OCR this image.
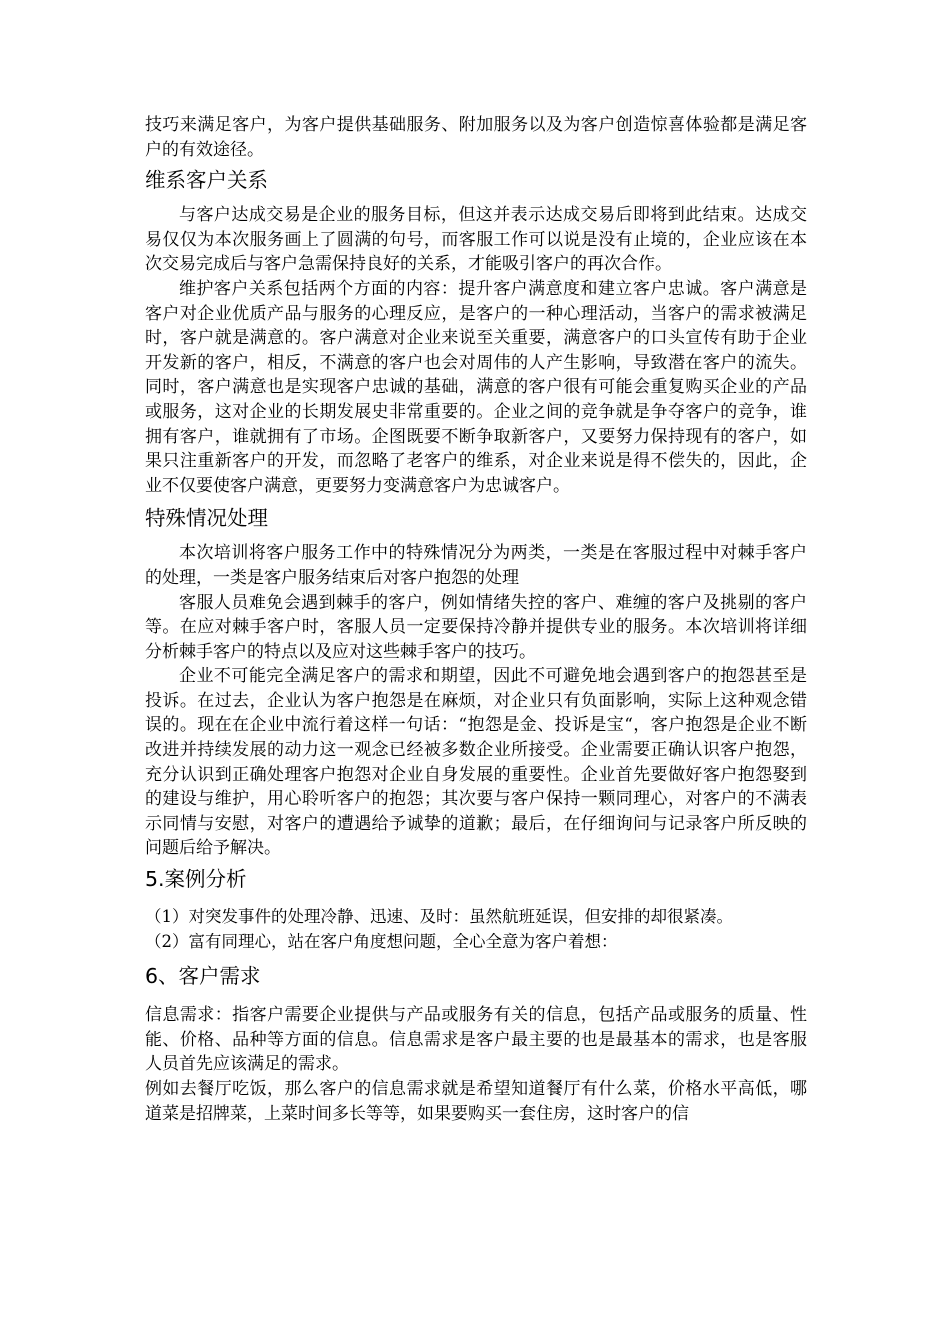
技巧来满足客户，为客户提供基础服务、附加服务以及为客户创造惊喜体验都是满足客户的有效途径。

维系客户关系

与客户达成交易是企业的服务目标，但这并表示达成交易后即将到此结束。达成交易仅仅为本次服务画上了圆满的句号，而客服工作可以说是没有止境的，企业应该在本次交易完成后与客户急需保持良好的关系，才能吸引客户的再次合作。

维护客户关系包括两个方面的内容：提升客户满意度和建立客户忠诚。客户满意是客户对企业优质产品与服务的心理反应，是客户的一种心理活动，当客户的需求被满足时，客户就是满意的。客户满意对企业来说至关重要，满意客户的口头宣传有助于企业开发新的客户，相反，不满意的客户也会对周伟的人产生影响，导致潜在客户的流失。同时，客户满意也是实现客户忠诚的基础，满意的客户很有可能会重复购买企业的产品或服务，这对企业的长期发展史非常重要的。企业之间的竞争就是争夺客户的竞争，谁拥有客户，谁就拥有了市场。企图既要不断争取新客户，又要努力保持现有的客户，如果只注重新客户的开发，而忽略了老客户的维系，对企业来说是得不偿失的，因此，企业不仅要使客户满意，更要努力变满意客户为忠诚客户。

特殊情况处理

本次培训将客户服务工作中的特殊情况分为两类，一类是在客服过程中对棘手客户的处理，一类是客户服务结束后对客户抱怨的处理

客服人员难免会遇到棘手的客户，例如情绪失控的客户、难缠的客户及挑剔的客户等。在应对棘手客户时，客服人员一定要保持冷静并提供专业的服务。本次培训将详细分析棘手客户的特点以及应对这些棘手客户的技巧。

企业不可能完全满足客户的需求和期望，因此不可避免地会遇到客户的抱怨甚至是投诉。在过去，企业认为客户抱怨是在麻烦，对企业只有负面影响，实际上这种观念错误的。现在在企业中流行着这样一句话：“抱怨是金、投诉是宝“，客户抱怨是企业不断改进并持续发展的动力这一观念已经被多数企业所接受。企业需要正确认识客户抱怨，充分认识到正确处理客户抱怨对企业自身发展的重要性。企业首先要做好客户抱怨娶到的建设与维护，用心聆听客户的抱怨；其次要与客户保持一颗同理心，对客户的不满表示同情与安慰，对客户的遭遇给予诚挚的道歉；最后，在仔细询问与记录客户所反映的问题后给予解决。

5.案例分析

（1）对突发事件的处理冷静、迅速、及时：虽然航班延误，但安排的却很紧凑。

（2）富有同理心，站在客户角度想问题，全心全意为客户着想：

6、客户需求

信息需求：指客户需要企业提供与产品或服务有关的信息，包括产品或服务的质量、性能、价格、品种等方面的信息。信息需求是客户最主要的也是最基本的需求，也是客服人员首先应该满足的需求。

例如去餐厅吃饭，那么客户的信息需求就是希望知道餐厅有什么菜，价格水平高低，哪道菜是招牌菜，上菜时间多长等等，如果要购买一套住房，这时客户的信
